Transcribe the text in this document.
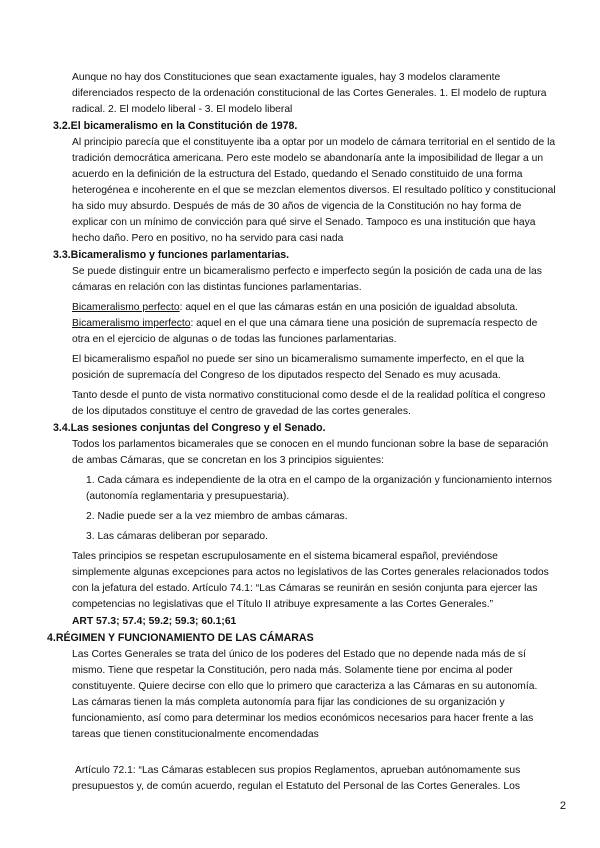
Aunque no hay dos Constituciones que sean exactamente iguales, hay 3 modelos claramente diferenciados respecto de la ordenación constitucional de las Cortes Generales. 1. El modelo de ruptura radical. 2. El modelo liberal - 3. El modelo liberal

3.2.El bicameralismo en la Constitución de 1978.

Al principio parecía que el constituyente iba a optar por un modelo de cámara territorial en el sentido de la tradición democrática americana. Pero este modelo se abandonaría ante la imposibilidad de llegar a un acuerdo en la definición de la estructura del Estado, quedando el Senado constituido de una forma heterogénea e incoherente en el que se mezclan elementos diversos. El resultado político y constitucional ha sido muy absurdo. Después de más de 30 años de vigencia de la Constitución no hay forma de explicar con un mínimo de convicción para qué sirve el Senado. Tampoco es una institución que haya hecho daño. Pero en positivo, no ha servido para casi nada

3.3.Bicameralismo y funciones parlamentarias.

Se puede distinguir entre un bicameralismo perfecto e imperfecto según la posición de cada una de las cámaras en relación con las distintas funciones parlamentarias.

Bicameralismo perfecto: aquel en el que las cámaras están en una posición de igualdad absoluta.

Bicameralismo imperfecto: aquel en el que una cámara tiene una posición de supremacía respecto de otra en el ejercicio de algunas o de todas las funciones parlamentarias.

El bicameralismo español no puede ser sino un bicameralismo sumamente imperfecto, en el que la posición de supremacía del Congreso de los diputados respecto del Senado es muy acusada.

Tanto desde el punto de vista normativo constitucional como desde el de la realidad política el congreso de los diputados constituye el centro de gravedad de las cortes generales.

3.4.Las sesiones conjuntas del Congreso y el Senado.

Todos los parlamentos bicamerales que se conocen en el mundo funcionan sobre la base de separación de ambas Cámaras, que se concretan en los 3 principios siguientes:

1. Cada cámara es independiente de la otra en el campo de la organización y funcionamiento internos (autonomía reglamentaria y presupuestaria).

2. Nadie puede ser a la vez miembro de ambas cámaras.

3. Las cámaras deliberan por separado.

Tales principios se respetan escrupulosamente en el sistema bicameral español, previéndose simplemente algunas excepciones para actos no legislativos de las Cortes generales relacionados todos con la jefatura del estado. Artículo 74.1: “Las Cámaras se reunirán en sesión conjunta para ejercer las competencias no legislativas que el Título II atribuye expresamente a las Cortes Generales.”

ART 57.3; 57.4; 59.2; 59.3; 60.1;61

4.RÉGIMEN Y FUNCIONAMIENTO DE LAS CÁMARAS

Las Cortes Generales se trata del único de los poderes del Estado que no depende nada más de sí mismo. Tiene que respetar la Constitución, pero nada más. Solamente tiene por encima al poder constituyente. Quiere decirse con ello que lo primero que caracteriza a las Cámaras en su autonomía. Las cámaras tienen la más completa autonomía para fijar las condiciones de su organización y funcionamiento, así como para determinar los medios económicos necesarios para hacer frente a las tareas que tienen constitucionalmente encomendadas

Artículo 72.1: “Las Cámaras establecen sus propios Reglamentos, aprueban autónomamente sus presupuestos y, de común acuerdo, regulan el Estatuto del Personal de las Cortes Generales. Los

2
